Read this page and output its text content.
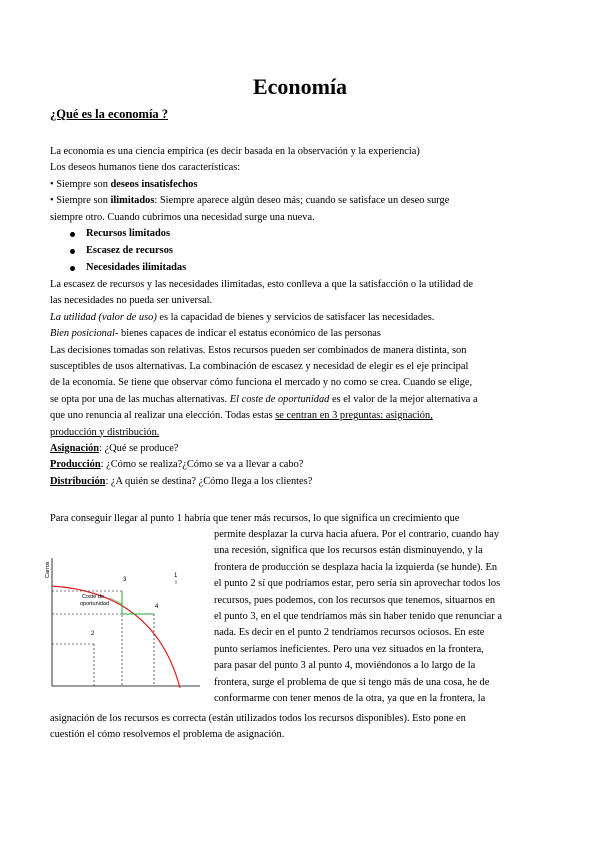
Economía
¿Qué es la economía ?
La economía es una ciencia empírica (es decir basada en la observación y la experiencia)
Los deseos humanos tiene dos características:
• Siempre son deseos insatisfechos
• Siempre son ilimitados: Siempre aparece algún deseo más; cuando se satisface un deseo surge
siempre otro. Cuando cubrimos una necesidad surge una nueva.
Recursos limitados
Escasez de recursos
Necesidades ilimitadas
La escasez de recursos y las necesidades ilimitadas, esto conlleva a que la satisfacción o la utilidad de
las necesidades no pueda ser universal.
La utilidad (valor de uso) es la capacidad de bienes y servicios de satisfacer las necesidades.
Bien posicional- bienes capaces de indicar el estatus económico de las personas
Las decisiones tomadas son relativas. Estos recursos pueden ser combinados de manera distinta, son
susceptibles de usos alternativas. La combinación de escasez y necesidad de elegir es el eje principal
de la economía. Se tiene que observar cómo funciona el mercado y no como se crea. Cuando se elige,
se opta por una de las muchas alternativas. El coste de oportunidad es el valor de la mejor alternativa a
que uno renuncia al realizar una elección. Todas estas se centran en 3 preguntas: asignación,
producción y distribución.
Asignación: ¿Qué se produce?
Producción: ¿Cómo se realiza?¿Cómo se va a llevar a cabo?
Distribución: ¿A quién se destina? ¿Cómo llega a los clientes?
Para conseguir llegar al punto 1 habría que tener más recursos, lo que significa un crecimiento que
permite desplazar la curva hacia afuera. Por el contrario, cuando hay
una recesión, significa que los recursos están disminuyendo, y la
frontera de producción se desplaza hacia la izquierda (se hunde). En
el punto 2 sí que podríamos estar, pero sería sin aprovechar todos los
recursos, pues podemos, con los recursos que tenemos, situarnos en
el punto 3, en el que tendríamos más sin haber tenido que renunciar a
nada. Es decir en el punto 2 tendríamos recursos ociosos. En este
punto seríamos ineficientes. Pero una vez situados en la frontera,
para pasar del punto 3 al punto 4, moviéndonos a lo largo de la
frontera, surge el problema de que si tengo más de una cosa, he de
conformarme con tener menos de la otra, ya que en la frontera, la
asignación de los recursos es correcta (están utilizados todos los recursos disponibles). Esto pone en
cuestión el cómo resolvemos el problema de asignación.
Carros
Coste de
oportunidad
3
4
2
1
